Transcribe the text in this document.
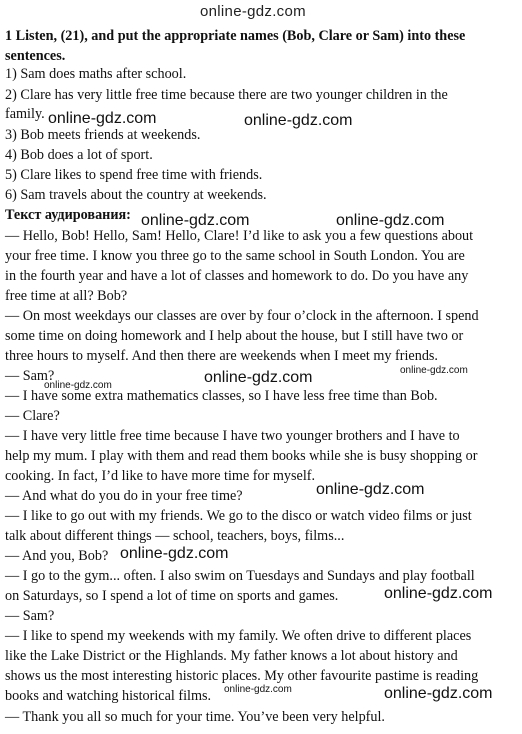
online-gdz.com
1 Listen, (21), and put the appropriate names (Bob, Clare or Sam) into these
sentences.
1) Sam does maths after school.
2) Clare has very little free time because there are two younger children in the
family.
3) Bob meets friends at weekends.
4) Bob does a lot of sport.
5) Clare likes to spend free time with friends.
6) Sam travels about the country at weekends.
Текст аудирования:
— Hello, Bob! Hello, Sam! Hello, Clare! I’d like to ask you a few questions about
your free time. I know you three go to the same school in South London. You are
in the fourth year and have a lot of classes and homework to do. Do you have any
free time at all? Bob?
— On most weekdays our classes are over by four o’clock in the afternoon. I spend
some time on doing homework and I help about the house, but I still have two or
three hours to myself. And then there are weekends when I meet my friends.
— Sam?
— I have some extra mathematics classes, so I have less free time than Bob.
— Clare?
— I have very little free time because I have two younger brothers and I have to
help my mum. I play with them and read them books while she is busy shopping or
cooking. In fact, I’d like to have more time for myself.
— And what do you do in your free time?
— I like to go out with my friends. We go to the disco or watch video films or just
talk about different things — school, teachers, boys, films...
— And you, Bob?
— I go to the gym... often. I also swim on Tuesdays and Sundays and play football
on Saturdays, so I spend a lot of time on sports and games.
— Sam?
— I like to spend my weekends with my family. We often drive to different places
like the Lake District or the Highlands. My father knows a lot about history and
shows us the most interesting historic places. My other favourite pastime is reading
books and watching historical films.
— Thank you all so much for your time. You’ve been very helpful.
online-gdz.com	online-gdz.com
online-gdz.com	online-gdz.com
online-gdz.com	online-gdz.com
online-gdz.com
online-gdz.com
online-gdz.com
online-gdz.com
online-gdz.com	online-gdz.com
